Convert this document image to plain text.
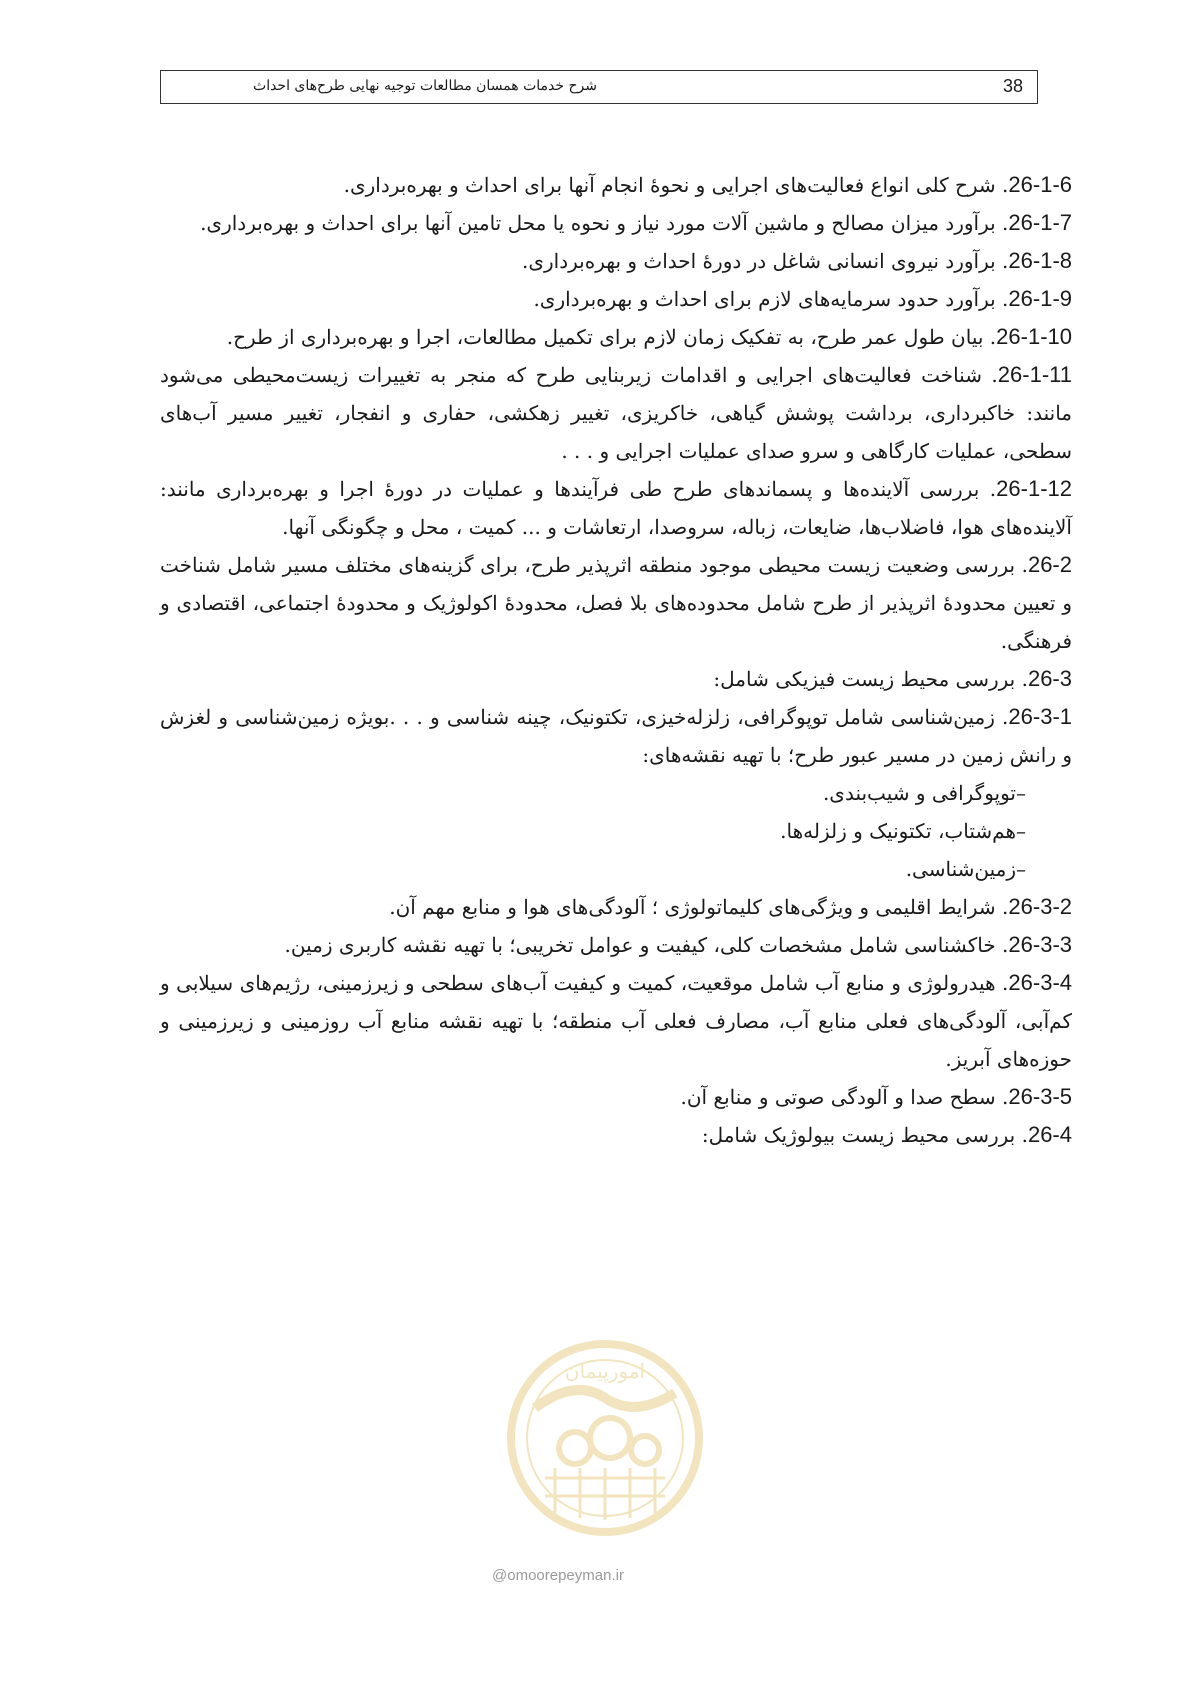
شرح خدمات همسان مطالعات توجیه نهایی طرح‌های احداث	38

26-1-6. شرح کلی انواع فعالیت‌های اجرایی و نحوهٔ انجام آنها برای احداث و بهره‌برداری.

26-1-7. برآورد میزان مصالح و ماشین آلات مورد نیاز و نحوه یا محل تامین آنها برای احداث و بهره‌برداری.

26-1-8. برآورد نیروی انسانی شاغل در دورهٔ احداث و بهره‌برداری.

26-1-9. برآورد حدود سرمایه‌های لازم برای احداث و بهره‌برداری.

26-1-10. بیان طول عمر طرح، به تفکیک زمان لازم برای تکمیل مطالعات، اجرا و بهره‌برداری از طرح.

26-1-11. شناخت فعالیت‌های اجرایی و اقدامات زیربنایی طرح که منجر به تغییرات زیست‌محیطی می‌شود مانند: خاکبرداری، برداشت پوشش گیاهی، خاکریزی، تغییر زهکشی، حفاری و انفجار، تغییر مسیر آب‌های سطحی، عملیات کارگاهی و سرو صدای عملیات اجرایی و . . .

26-1-12. بررسی آلاینده‌ها و پسماندهای طرح طی فرآیندها و عملیات در دورهٔ اجرا و بهره‌برداری مانند: آلاینده‌های هوا، فاضلاب‌ها، ضایعات، زباله، سروصدا، ارتعاشات و ... کمیت ، محل و چگونگی آنها.

26-2. بررسی وضعیت زیست محیطی موجود منطقه اثرپذیر طرح، برای گزینه‌های مختلف مسیر شامل شناخت و تعیین محدودهٔ اثرپذیر از طرح شامل محدوده‌های بلا فصل، محدودهٔ اکولوژیک و محدودهٔ اجتماعی، اقتصادی و فرهنگی.

26-3. بررسی محیط زیست فیزیکی شامل:

26-3-1. زمین‌شناسی شامل توپوگرافی، زلزله‌خیزی، تکتونیک، چینه شناسی و . . .بویژه زمین‌شناسی و لغزش و رانش زمین در مسیر عبور طرح؛ با تهیه نقشه‌های:

–توپوگرافی و شیب‌بندی.

–هم‌شتاب، تکتونیک و زلزله‌ها.

–زمین‌شناسی.

26-3-2. شرایط اقلیمی و ویژگی‌های کلیماتولوژی ؛ آلودگی‌های هوا و منابع مهم آن.

26-3-3. خاکشناسی شامل مشخصات کلی، کیفیت و عوامل تخریبی؛ با تهیه نقشه کاربری زمین.

26-3-4. هیدرولوژی و منابع آب شامل موقعیت، کمیت و کیفیت آب‌های سطحی و زیرزمینی، رژیم‌های سیلابی و کم‌آبی، آلودگی‌های فعلی منابع آب، مصارف فعلی آب منطقه؛ با تهیه نقشه منابع آب روزمینی و زیرزمینی و حوزه‌های آبریز.

26-3-5. سطح صدا و آلودگی صوتی و منابع آن.

26-4. بررسی محیط زیست بیولوژیک شامل:

امورپیمان
@omoorepeyman.ir
